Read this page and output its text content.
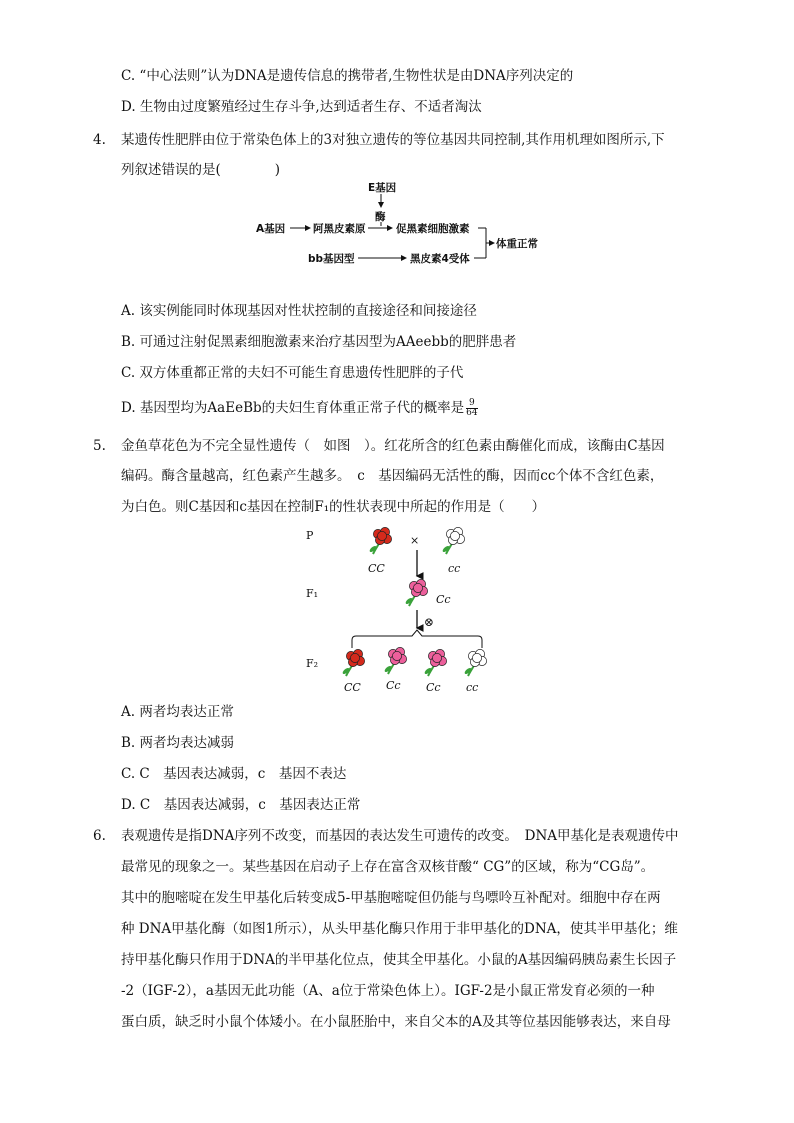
C. “中心法则”认为DNA是遗传信息的携带者,生物性状是由DNA序列决定的
D. 生物由过度繁殖经过生存斗争,达到适者生存、不适者淘汰
4. 某遗传性肥胖由位于常染色体上的3对独立遗传的等位基因共同控制,其作用机理如图所示,下
列叙述错误的是(　　　　)
E基因
酶
A基因	阿黑皮素原	促黑素细胞激素
bb基因型	黑皮素4受体
体重正常
A. 该实例能同时体现基因对性状控制的直接途径和间接途径
B. 可通过注射促黑素细胞激素来治疗基因型为AAeebb的肥胖患者
C. 双方体重都正常的夫妇不可能生育患遗传性肥胖的子代
D. 基因型均为AaEeBb的夫妇生育体重正常子代的概率是 $\frac{9}{64}$
5. 金鱼草花色为不完全显性遗传（　如图　）。红花所含的红色素由酶催化而成，该酶由C基因
编码。酶含量越高，红色素产生越多。　c　基因编码无活性的酶，因而cc个体不含红色素，
为白色。则C基因和c基因在控制F₁的性状表现中所起的作用是（　　）
P
F₁
F₂
×
⊗
CC	cc
Cc
CC Cc Cc cc
A. 两者均表达正常
B. 两者均表达减弱
C. C　基因表达减弱，c　基因不表达
D. C　基因表达减弱，c　基因表达正常
6. 表观遗传是指DNA序列不改变，而基因的表达发生可遗传的改变。　DNA甲基化是表观遗传中
最常见的现象之一。某些基因在启动子上存在富含双核苷酸“ CG”的区域，称为“CG岛”。
其中的胞嘧啶在发生甲基化后转变成5-甲基胞嘧啶但仍能与鸟嘌呤互补配对。细胞中存在两
种 DNA甲基化酶（如图1所示），从头甲基化酶只作用于非甲基化的DNA，使其半甲基化；维
持甲基化酶只作用于DNA的半甲基化位点，使其全甲基化。小鼠的A基因编码胰岛素生长因子
-2（IGF-2），a基因无此功能（A、a位于常染色体上）。IGF-2是小鼠正常发育必须的一种
蛋白质，缺乏时小鼠个体矮小。在小鼠胚胎中，来自父本的A及其等位基因能够表达，来自母
